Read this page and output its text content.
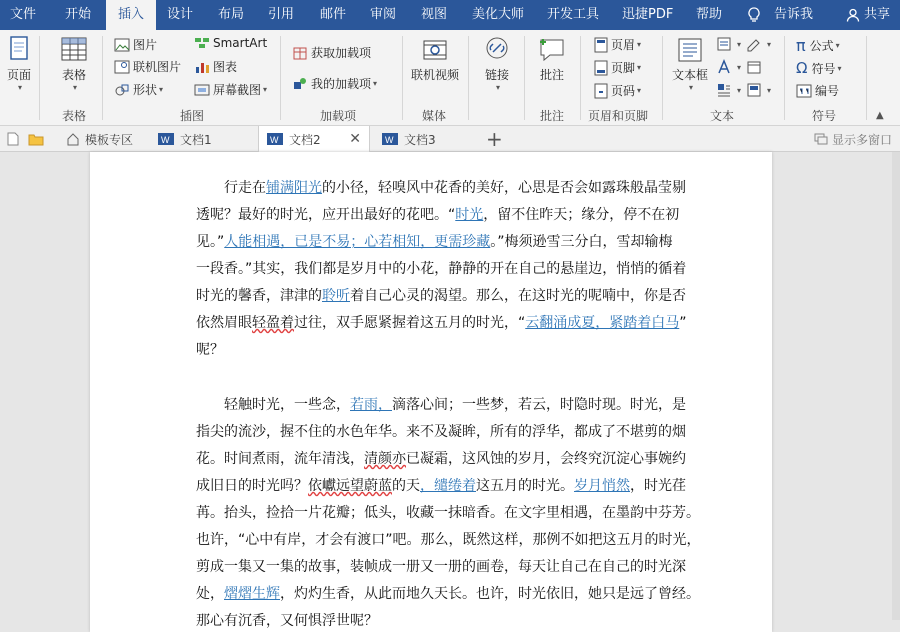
文件 开始	插入	设计 布局 引用 邮件 审阅 视图 美化大师 开发工具 迅捷PDF 帮助	告诉我	共享
页面
▾
表格
▾
表格
图片
联机图片
形状 ▾
SmartArt
图表
屏幕截图 ▾
插图
获取加载项
我的加载项 ▾
加载项
联机视频
媒体
链接
▾
批注
批注
页眉 ▾
页脚 ▾
页码 ▾
页眉和页脚
文本框
▾
▾	▾
▾
▾	▾
文本
π 公式 ▾
Ω 符号 ▾
编号
符号	▲
模板专区	W 文档1	W 文档2 ✕	W 文档3	+	显示多窗口
行走在铺满阳光的小径，轻嗅风中花香的美好，心思是否会如露珠般晶莹剔
透呢？最好的时光，应开出最好的花吧。“时光，留不住昨天；缘分，停不在初
见。”人能相遇，已是不易；心若相知，更需珍藏。”梅须逊雪三分白，雪却输梅
一段香。”其实，我们都是岁月中的小花，静静的开在自己的悬崖边，悄悄的循着
时光的馨香，津津的聆听着自己心灵的渴望。那么，在这时光的呢喃中，你是否
依然眉眼轻盈着过往，双手愿紧握着这五月的时光，“云翻涌成夏，紧踏着白马”
呢？
轻触时光，一些念，若雨，滴落心间；一些梦，若云，时隐时现。时光，是
指尖的流沙，握不住的水色年华。来不及凝眸，所有的浮华，都成了不堪剪的烟
花。时间煮雨，流年清浅，清颜亦已凝霜，这风蚀的岁月，会终究沉淀心事婉约
成旧日的时光吗？依巘远望蔚蓝的天，缱绻着这五月的时光。岁月悄然，时光荏
苒。抬头，捡拾一片花瓣；低头，收藏一抹暗香。在文字里相遇，在墨韵中芬芳。
也许，“心中有岸，才会有渡口”吧。那么，既然这样，那例不如把这五月的时光，
剪成一集又一集的故事，装帧成一册又一册的画卷，每天让自己在自己的时光深
处，熠熠生辉，灼灼生香，从此而地久天长。也许，时光依旧，她只是远了曾经。
那心有沉香，又何惧浮世呢？
